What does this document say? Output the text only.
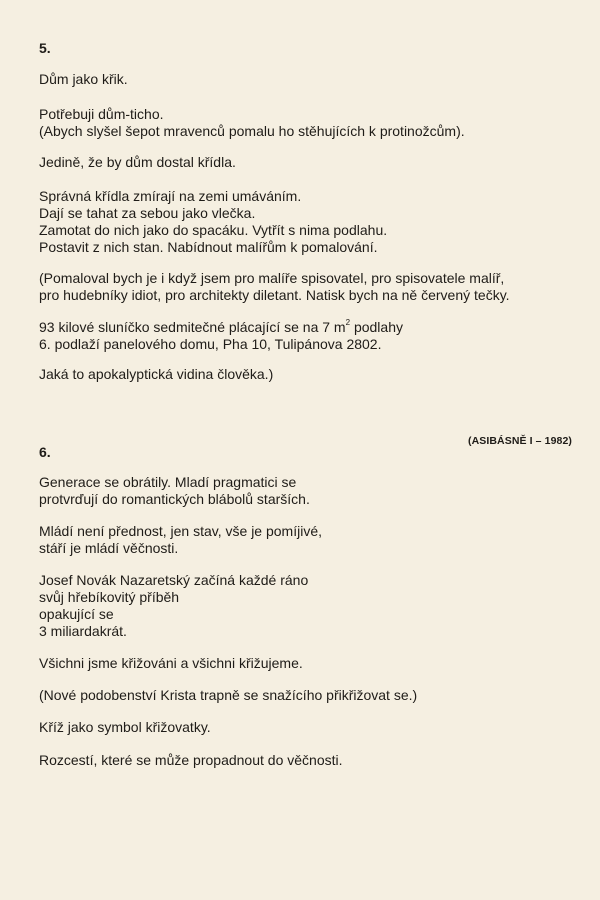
5.
Dům jako křik.
Potřebuji dům-ticho.
(Abych slyšel šepot mravenců pomalu ho stěhujících k protinožcům).
Jedině, že by dům dostal křídla.
Správná křídla zmírají na zemi umáváním.
Dají se tahat za sebou jako vlečka.
Zamotat do nich jako do spacáku. Vytřít s nima podlahu.
Postavit z nich stan. Nabídnout malířům k pomalování.
(Pomaloval bych je i když jsem pro malíře spisovatel, pro spisovatele malíř,
pro hudebníky idiot, pro architekty diletant. Natisk bych na ně červený tečky.
93 kilové sluníčko sedmitečné plácající se na 7 $m^2$ podlahy
6. podlaží panelového domu, Pha 10, Tulipánova 2802.
Jaká to apokalyptická vidina člověka.)
(ASIBÁSNĚ I – 1982)
6.
Generace se obrátily. Mladí pragmatici se
protvrďují do romantických blábolů starších.
Mládí není přednost, jen stav, vše je pomíjivé,
stáří je mládí věčnosti.
Josef Novák Nazaretský začíná každé ráno
svůj hřebíkovitý příběh
opakující se
3 miliardakrát.
Všichni jsme křižováni a všichni křižujeme.
(Nové podobenství Krista trapně se snažícího přikřižovat se.)
Kříž jako symbol křižovatky.
Rozcestí, které se může propadnout do věčnosti.
